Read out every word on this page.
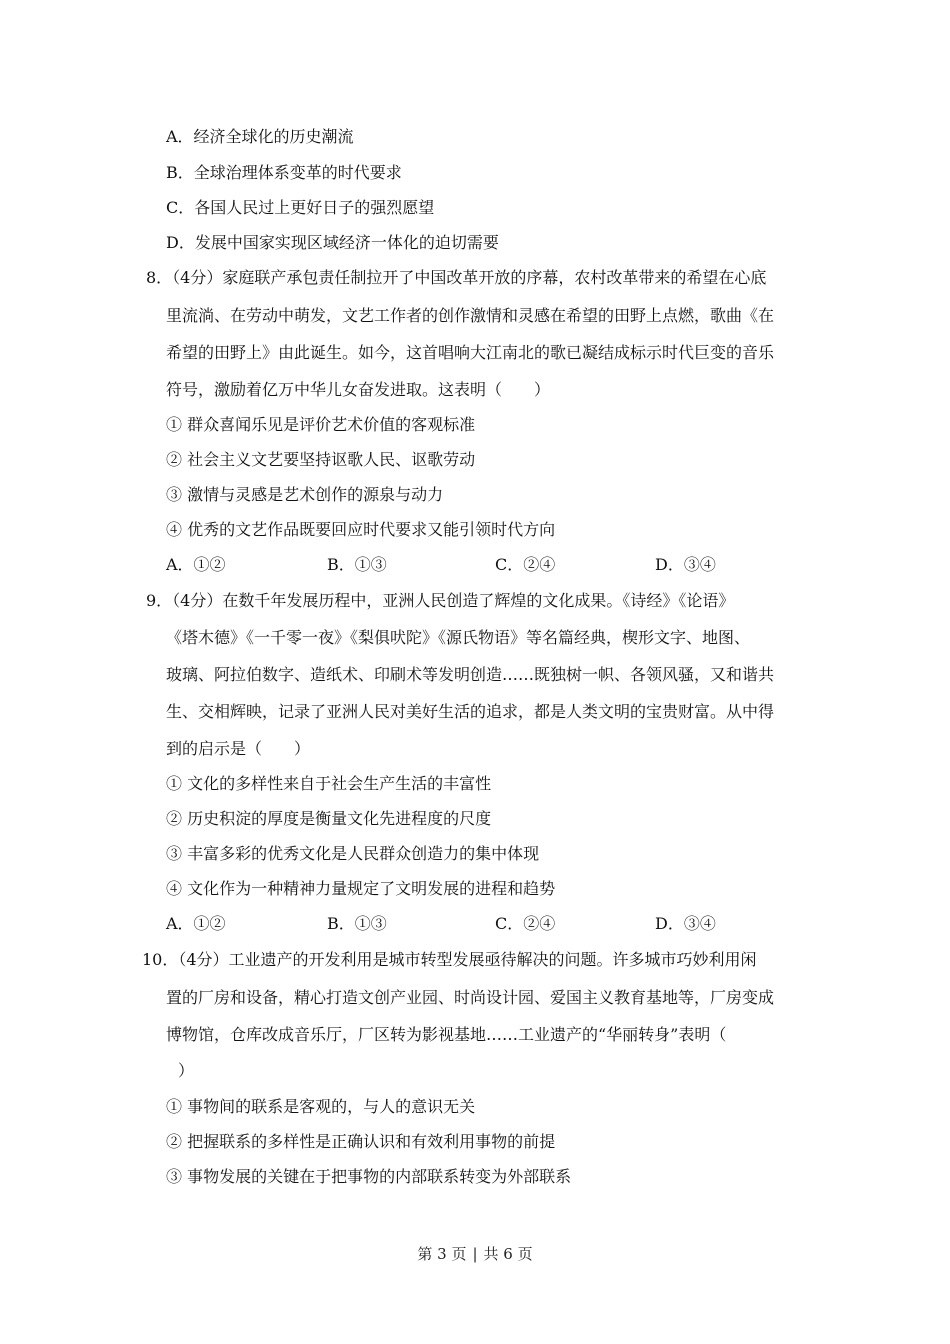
A．经济全球化的历史潮流
B．全球治理体系变革的时代要求
C．各国人民过上更好日子的强烈愿望
D．发展中国家实现区域经济一体化的迫切需要
8．（4分）家庭联产承包责任制拉开了中国改革开放的序幕，农村改革带来的希望在心底
里流淌、在劳动中萌发，文艺工作者的创作激情和灵感在希望的田野上点燃，歌曲《在
希望的田野上》由此诞生。如今，这首唱响大江南北的歌已凝结成标示时代巨变的音乐
符号，激励着亿万中华儿女奋发进取。这表明（　　）
① 群众喜闻乐见是评价艺术价值的客观标准
② 社会主义文艺要坚持讴歌人民、讴歌劳动
③ 激情与灵感是艺术创作的源泉与动力
④ 优秀的文艺作品既要回应时代要求又能引领时代方向
A．①②	B．①③	C．②④	D．③④
9．（4分）在数千年发展历程中，亚洲人民创造了辉煌的文化成果。《诗经》《论语》
《塔木德》《一千零一夜》《梨俱吠陀》《源氏物语》等名篇经典，楔形文字、地图、
玻璃、阿拉伯数字、造纸术、印刷术等发明创造……既独树一帜、各领风骚，又和谐共
生、交相辉映，记录了亚洲人民对美好生活的追求，都是人类文明的宝贵财富。从中得
到的启示是（　　）
① 文化的多样性来自于社会生产生活的丰富性
② 历史积淀的厚度是衡量文化先进程度的尺度
③ 丰富多彩的优秀文化是人民群众创造力的集中体现
④ 文化作为一种精神力量规定了文明发展的进程和趋势
A．①②	B．①③	C．②④	D．③④
10．（4分）工业遗产的开发利用是城市转型发展亟待解决的问题。许多城市巧妙利用闲
置的厂房和设备，精心打造文创产业园、时尚设计园、爱国主义教育基地等，厂房变成
博物馆，仓库改成音乐厅，厂区转为影视基地……工业遗产的“华丽转身”表明（
）
① 事物间的联系是客观的，与人的意识无关
② 把握联系的多样性是正确认识和有效利用事物的前提
③ 事物发展的关键在于把事物的内部联系转变为外部联系
第 3 页 | 共 6 页
